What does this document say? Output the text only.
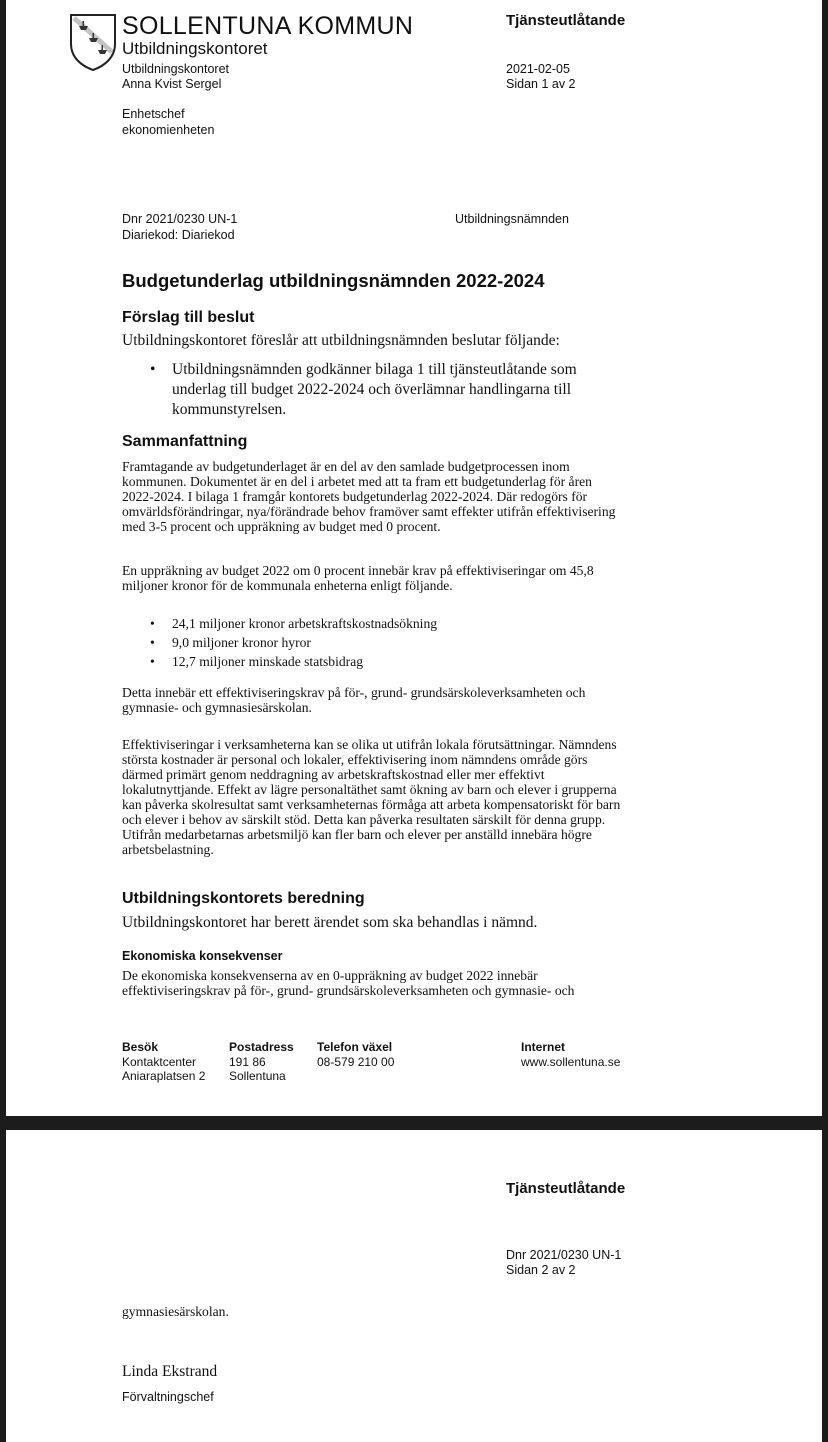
SOLLENTUNA KOMMUN
Utbildningskontoret
Tjänsteutlåtande
Utbildningskontoret
Anna Kvist Sergel
2021-02-05
Sidan 1 av 2
Enhetschef
ekonomienheten
Dnr 2021/0230 UN-1
Diariekod: Diariekod
Utbildningsnämnden
Budgetunderlag utbildningsnämnden 2022-2024
Förslag till beslut
Utbildningskontoret föreslår att utbildningsnämnden beslutar följande:
• Utbildningsnämnden godkänner bilaga 1 till tjänsteutlåtande som underlag till budget 2022-2024 och överlämnar handlingarna till kommunstyrelsen.
Sammanfattning
Framtagande av budgetunderlaget är en del av den samlade budgetprocessen inom kommunen. Dokumentet är en del i arbetet med att ta fram ett budgetunderlag för åren 2022-2024. I bilaga 1 framgår kontorets budgetunderlag 2022-2024. Där redogörs för omvärldsförändringar, nya/förändrade behov framöver samt effekter utifrån effektivisering med 3-5 procent och uppräkning av budget med 0 procent.
En uppräkning av budget 2022 om 0 procent innebär krav på effektiviseringar om 45,8 miljoner kronor för de kommunala enheterna enligt följande.
• 24,1 miljoner kronor arbetskraftskostnadsökning
• 9,0 miljoner kronor hyror
• 12,7 miljoner minskade statsbidrag
Detta innebär ett effektiviseringskrav på för-, grund- grundsärskoleverksamheten och gymnasie- och gymnasiesärskolan.
Effektiviseringar i verksamheterna kan se olika ut utifrån lokala förutsättningar. Nämndens största kostnader är personal och lokaler, effektivisering inom nämndens område görs därmed primärt genom neddragning av arbetskraftskostnad eller mer effektivt lokalutnyttjande. Effekt av lägre personaltäthet samt ökning av barn och elever i grupperna kan påverka skolresultat samt verksamheternas förmåga att arbeta kompensatoriskt för barn och elever i behov av särskilt stöd. Detta kan påverka resultaten särskilt för denna grupp. Utifrån medarbetarnas arbetsmiljö kan fler barn och elever per anställd innebära högre arbetsbelastning.
Utbildningskontorets beredning
Utbildningskontoret har berett ärendet som ska behandlas i nämnd.
Ekonomiska konsekvenser
De ekonomiska konsekvenserna av en 0-uppräkning av budget 2022 innebär effektiviseringskrav på för-, grund- grundsärskoleverksamheten och gymnasie- och
Besök
Kontaktcenter
Aniaraplatsen 2
Postadress
191 86
Sollentuna
Telefon växel
08-579 210 00
Internet
www.sollentuna.se
Tjänsteutlåtande
Dnr 2021/0230 UN-1
Sidan 2 av 2
gymnasiesärskolan.
Linda Ekstrand
Förvaltningschef
